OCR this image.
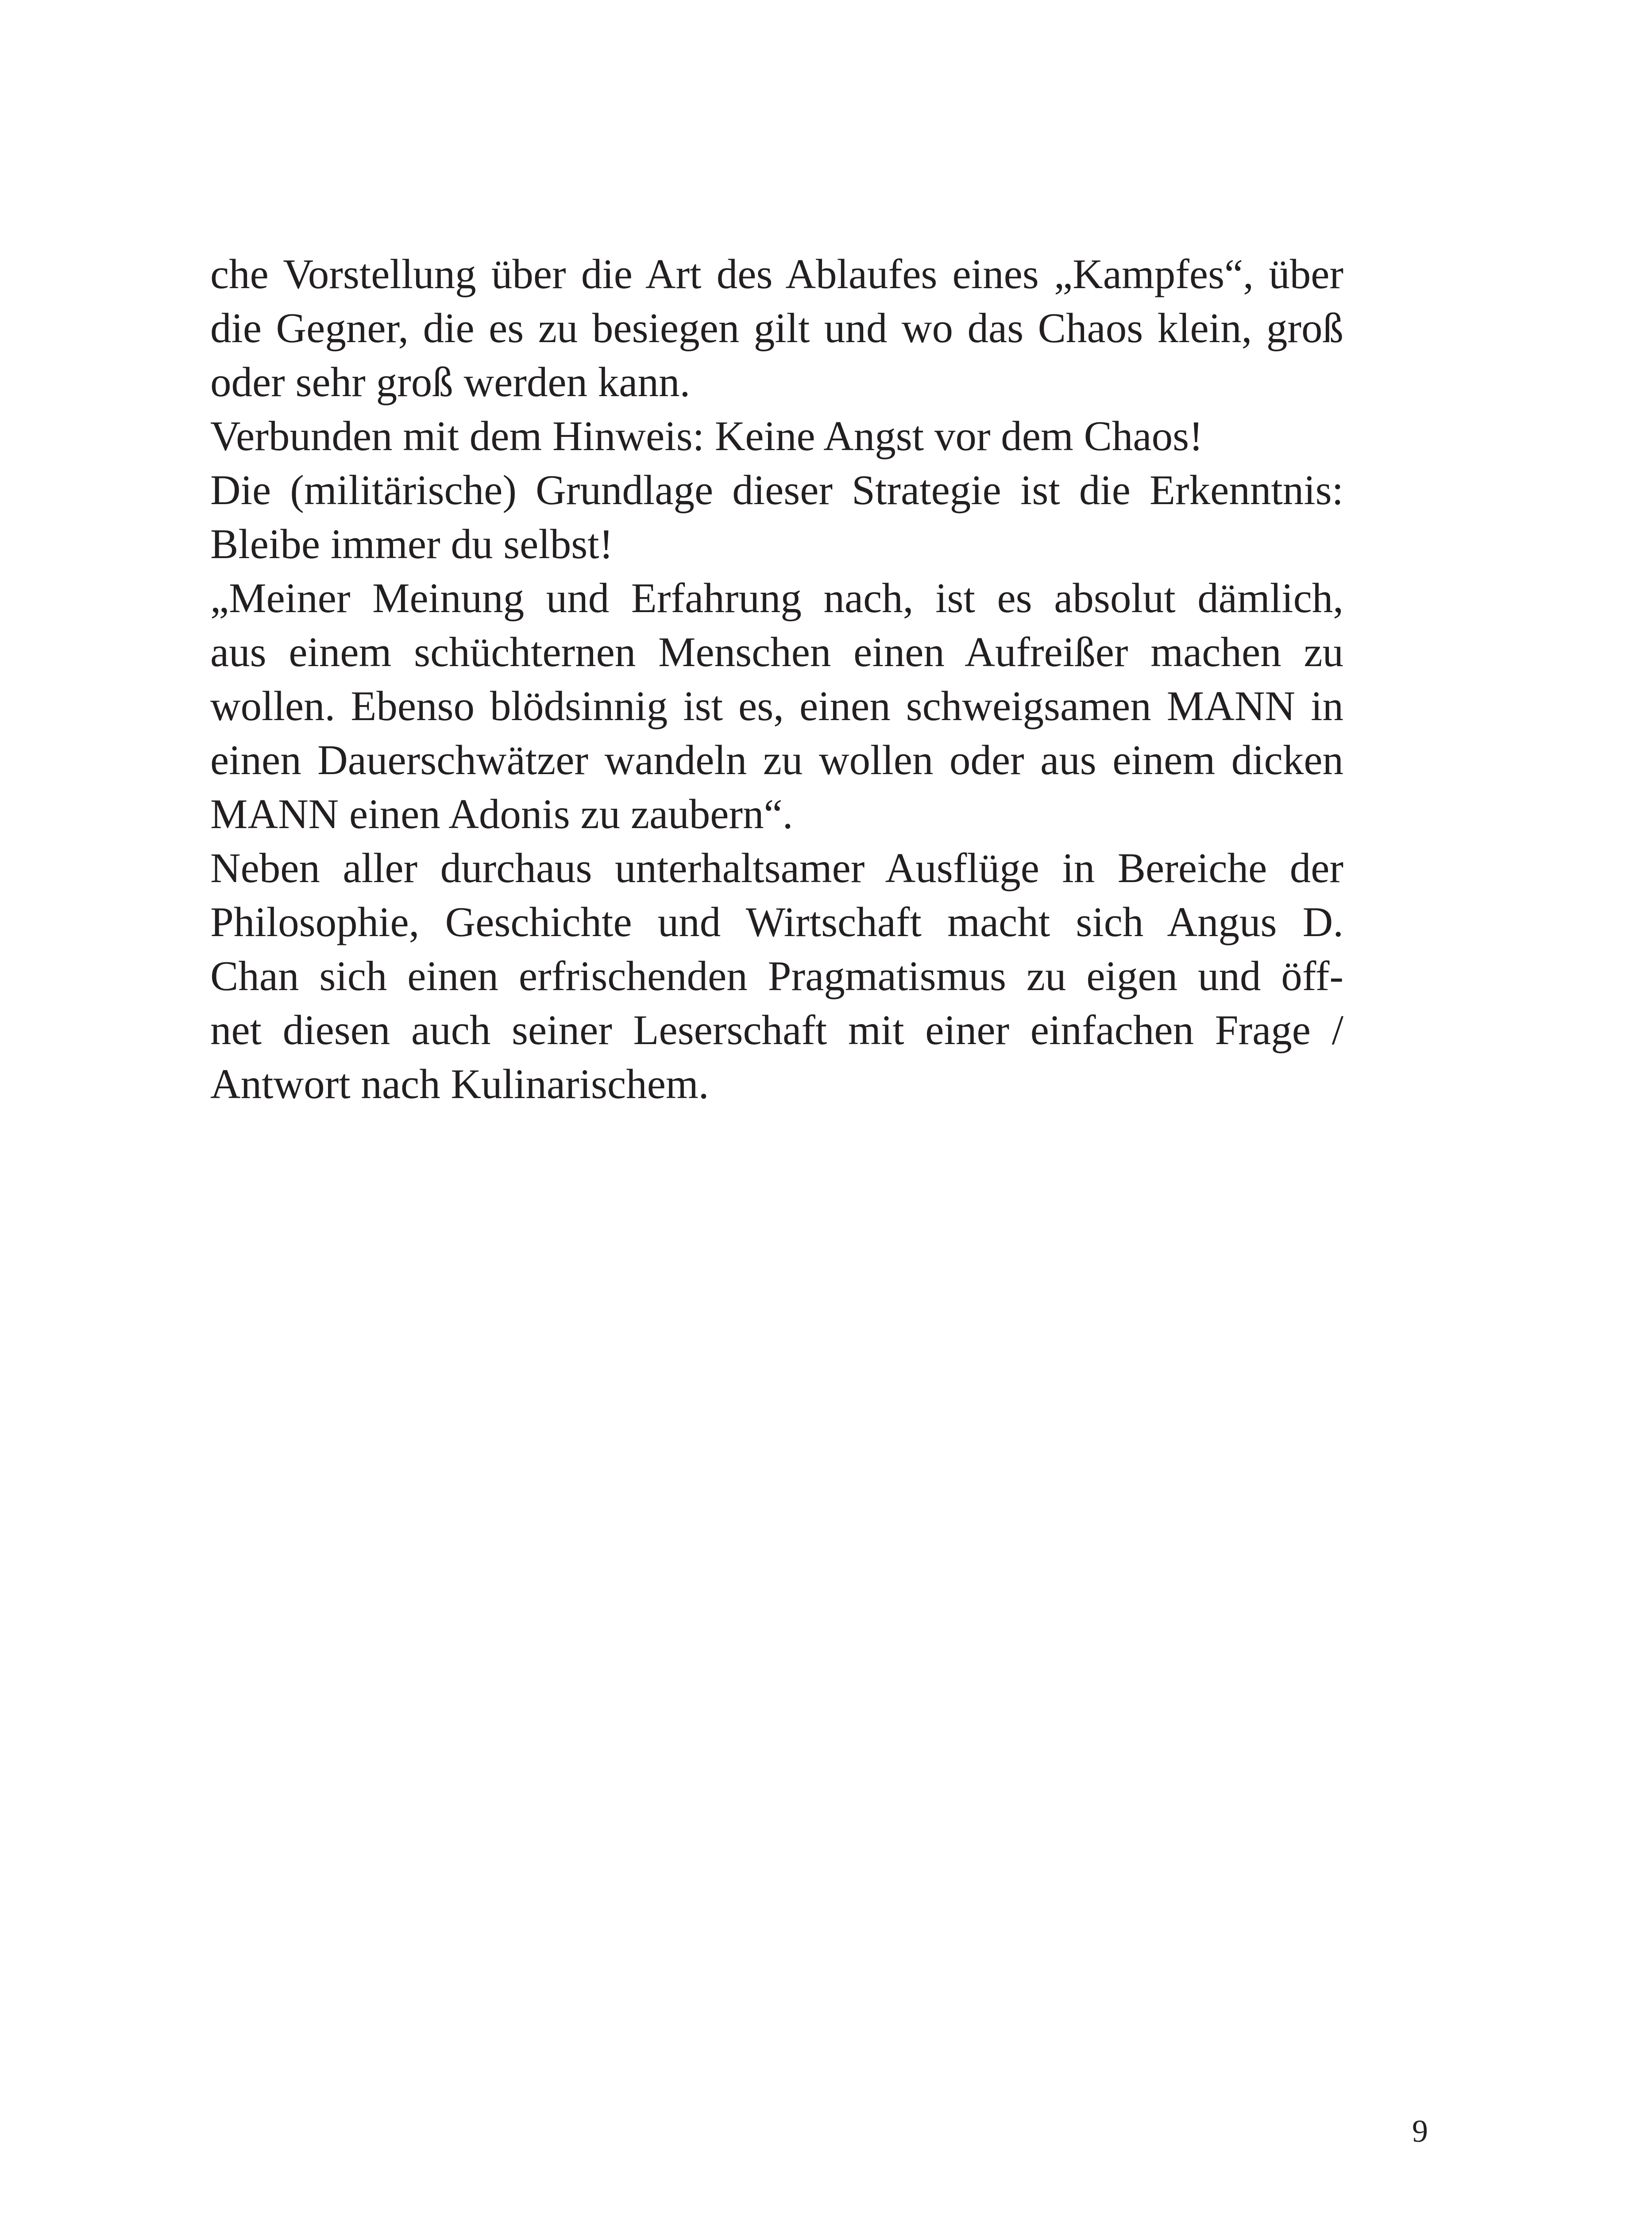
che Vorstellung über die Art des Ablaufes eines „Kampfes“, über
die Gegner, die es zu besiegen gilt und wo das Chaos klein, groß
oder sehr groß werden kann.
Verbunden mit dem Hinweis: Keine Angst vor dem Chaos!
Die (militärische) Grundlage dieser Strategie ist die Erkenntnis:
Bleibe immer du selbst!
„Meiner Meinung und Erfahrung nach, ist es absolut dämlich,
aus einem schüchternen Menschen einen Aufreißer machen zu
wollen. Ebenso blödsinnig ist es, einen schweigsamen MANN in
einen Dauerschwätzer wandeln zu wollen oder aus einem dicken
MANN einen Adonis zu zaubern“.
Neben aller durchaus unterhaltsamer Ausflüge in Bereiche der
Philosophie, Geschichte und Wirtschaft macht sich Angus D.
Chan sich einen erfrischenden Pragmatismus zu eigen und öff-
net diesen auch seiner Leserschaft mit einer einfachen Frage /
Antwort nach Kulinarischem.
9
